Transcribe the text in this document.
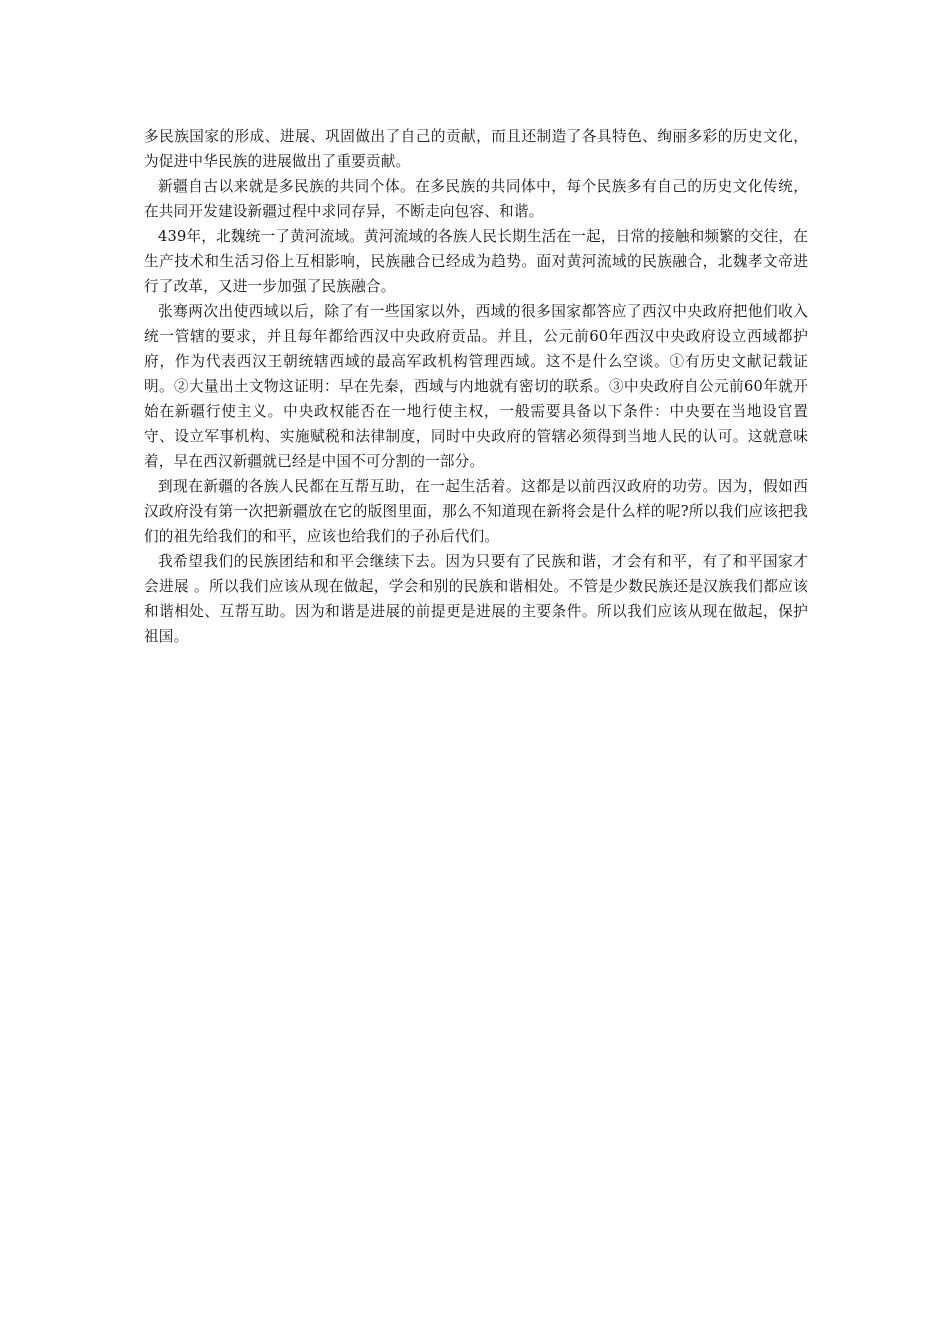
多民族国家的形成、进展、巩固做出了自己的贡献，而且还制造了各具特色、绚丽多彩的历史文化，为促进中华民族的进展做出了重要贡献。

新疆自古以来就是多民族的共同个体。在多民族的共同体中，每个民族多有自己的历史文化传统，在共同开发建设新疆过程中求同存异，不断走向包容、和谐。

439年，北魏统一了黄河流域。黄河流域的各族人民长期生活在一起，日常的接触和频繁的交往，在生产技术和生活习俗上互相影响，民族融合已经成为趋势。面对黄河流域的民族融合，北魏孝文帝进行了改革，又进一步加强了民族融合。

张骞两次出使西域以后，除了有一些国家以外，西域的很多国家都答应了西汉中央政府把他们收入统一管辖的要求，并且每年都给西汉中央政府贡品。并且，公元前60年西汉中央政府设立西域都护府，作为代表西汉王朝统辖西域的最高军政机构管理西域。这不是什么空谈。①有历史文献记载证明。②大量出土文物这证明：早在先秦，西域与内地就有密切的联系。③中央政府自公元前60年就开始在新疆行使主义。中央政权能否在一地行使主权，一般需要具备以下条件：中央要在当地设官置守、设立军事机构、实施赋税和法律制度，同时中央政府的管辖必须得到当地人民的认可。这就意味着，早在西汉新疆就已经是中国不可分割的一部分。

到现在新疆的各族人民都在互帮互助，在一起生活着。这都是以前西汉政府的功劳。因为，假如西汉政府没有第一次把新疆放在它的版图里面，那么不知道现在新将会是什么样的呢?所以我们应该把我们的祖先给我们的和平，应该也给我们的子孙后代们。

我希望我们的民族团结和和平会继续下去。因为只要有了民族和谐，才会有和平，有了和平国家才会进展 。所以我们应该从现在做起，学会和别的民族和谐相处。不管是少数民族还是汉族我们都应该和谐相处、互帮互助。因为和谐是进展的前提更是进展的主要条件。所以我们应该从现在做起，保护祖国。
